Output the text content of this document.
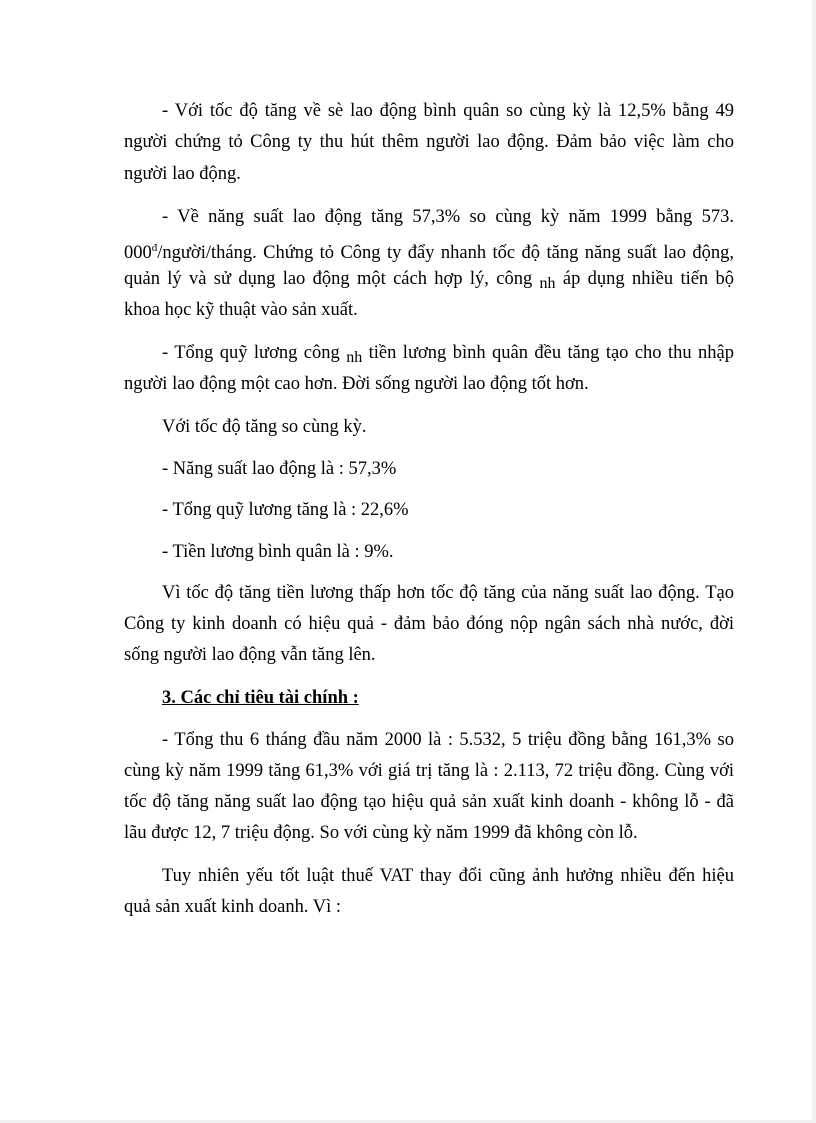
- Với tốc độ tăng về sè lao động bình quân so cùng kỳ là 12,5% bằng 49
người chứng tỏ Công ty thu hút thêm người lao động. Đảm bảo việc làm cho
người lao động.
- Về năng suất lao động tăng 57,3% so cùng kỳ năm 1999 bằng 573.
$000^đ/người$/tháng. Chứng tỏ Công ty đẩy nhanh tốc độ tăng năng suất lao động,
quản lý và sử dụng lao động một cách hợp lý, công nh áp dụng nhiều tiến bộ
khoa học kỹ thuật vào sản xuất.
- Tổng quỹ lương công nh tiền lương bình quân đều tăng tạo cho thu nhập
người lao động một cao hơn. Đời sống người lao động tốt hơn.
Với tốc độ tăng so cùng kỳ.
- Năng suất lao động là : 57,3%
- Tổng quỹ lương tăng là : 22,6%
- Tiền lương bình quân là : 9%.
Vì tốc độ tăng tiền lương thấp hơn tốc độ tăng của năng suất lao động. Tạo
Công ty kinh doanh có hiệu quả - đảm bảo đóng nộp ngân sách nhà nước, đời
sống người lao động vẫn tăng lên.
3. Các chỉ tiêu tài chính :
- Tổng thu 6 tháng đầu năm 2000 là : 5.532, 5 triệu đồng bằng 161,3% so
cùng kỳ năm 1999 tăng 61,3% với giá trị tăng là : 2.113, 72 triệu đồng. Cùng với
tốc độ tăng năng suất lao động tạo hiệu quả sản xuất kinh doanh - không lỗ - đã
lãu được 12, 7 triệu động. So với cùng kỳ năm 1999 đã không còn lỗ.
Tuy nhiên yếu tốt luật thuế VAT thay đổi cũng ảnh hưởng nhiều đến hiệu
quả sản xuất kinh doanh. Vì :
